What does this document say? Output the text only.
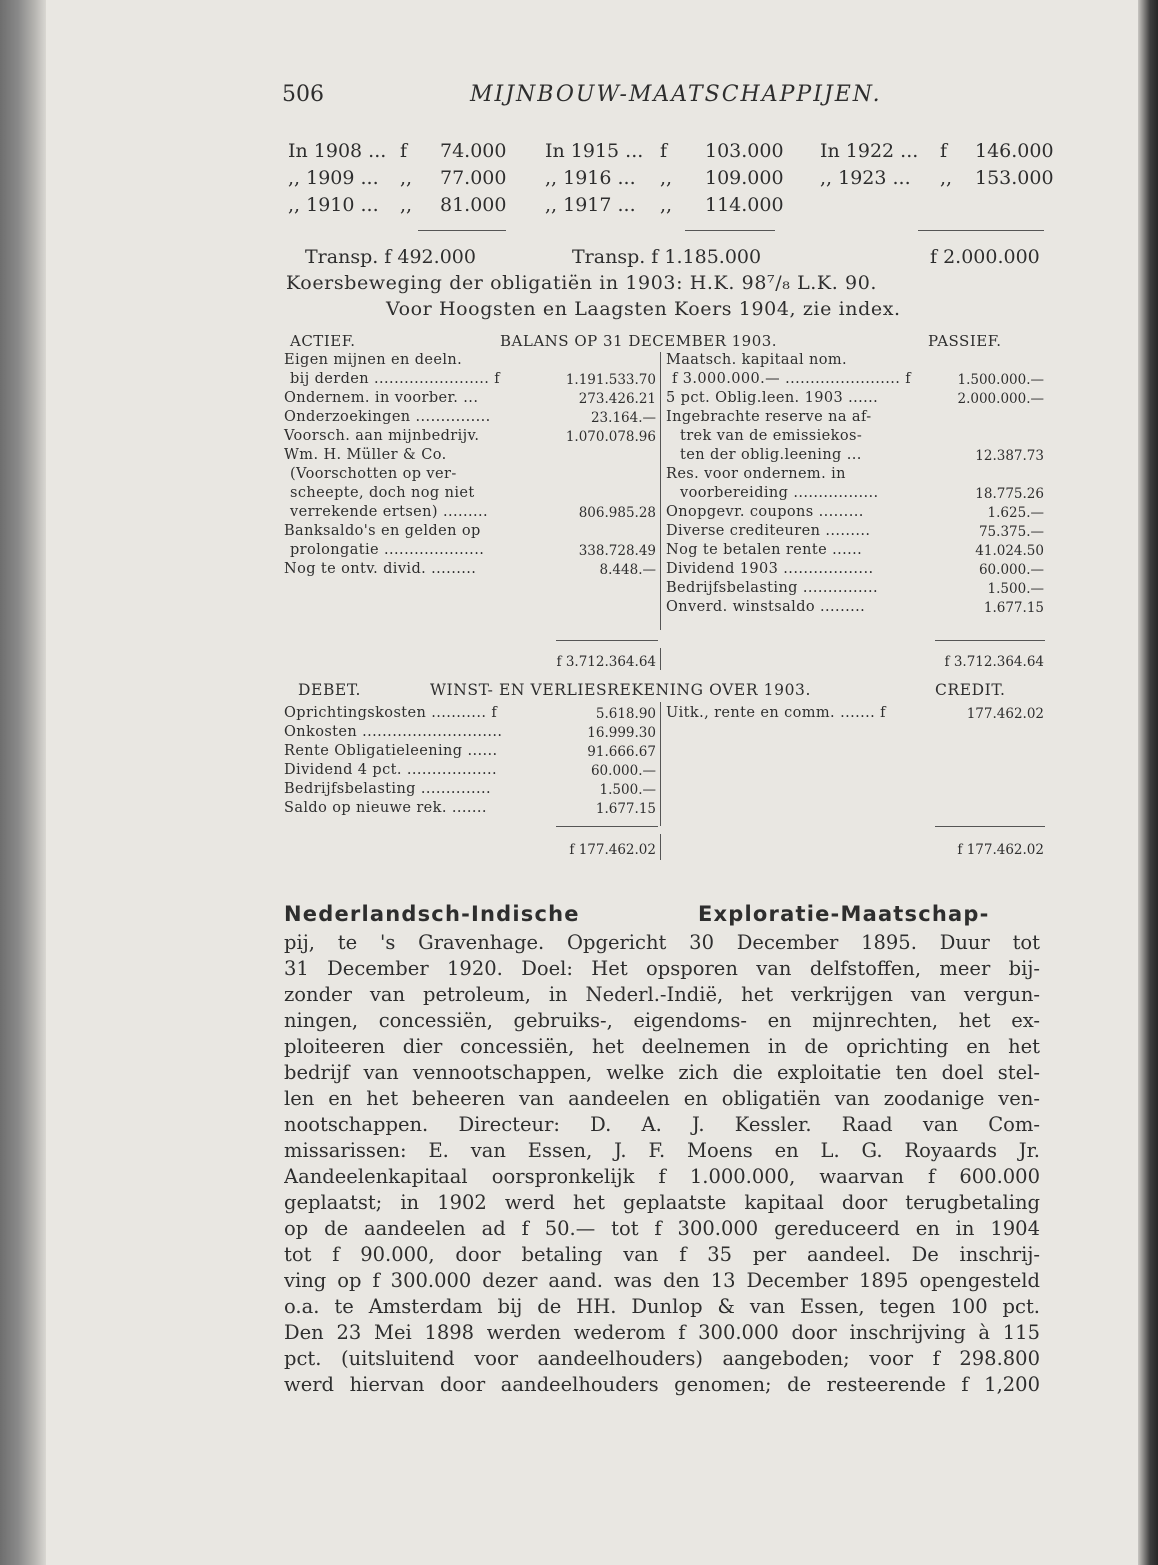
506	MIJNBOUW-MAATSCHAPPIJEN.
In 1908 ... f 74.000
,, 1909 ... ,, 77.000
,, 1910 ... ,, 81.000
In 1915 ... f 103.000
,, 1916 ... ,, 109.000
,, 1917 ... ,, 114.000
In 1922 ... f 146.000
,, 1923 ... ,, 153.000
Transp. f 492.000	Transp. f 1.185.000	f 2.000.000
Koersbeweging der obligatiën in 1903: H.K. 98⁷/₈ L.K. 90.
Voor Hoogsten en Laagsten Koers 1904, zie index.
ACTIEF.	BALANS OP 31 DECEMBER 1903.	PASSIEF.
Eigen mijnen en deeln.
bij derden ....................... f	1.191.533.70
Ondernem. in voorber. ...	273.426.21
Onderzoekingen ...............	23.164.—
Voorsch. aan mijnbedrijv.	1.070.078.96
Wm. H. Müller & Co.
(Voorschotten op ver-
scheepte, doch nog niet
verrekende ertsen) .........	806.985.28
Banksaldo's en gelden op
prolongatie ....................	338.728.49
Nog te ontv. divid. .........	8.448.—
Maatsch. kapitaal nom.
f 3.000.000.— ....................... f	1.500.000.—
5 pct. Oblig.leen. 1903 ......	2.000.000.—
Ingebrachte reserve na af-
trek van de emissiekos-
ten der oblig.leening ...	12.387.73
Res. voor ondernem. in
voorbereiding .................	18.775.26
Onopgevr. coupons .........	1.625.—
Diverse crediteuren .........	75.375.—
Nog te betalen rente ......	41.024.50
Dividend 1903 ..................	60.000.—
Bedrijfsbelasting ...............	1.500.—
Onverd. winstsaldo .........	1.677.15
f 3.712.364.64	f 3.712.364.64
DEBET.	WINST- EN VERLIESREKENING OVER 1903.	CREDIT.
Oprichtingskosten ........... f	5.618.90
Onkosten ............................	16.999.30
Rente Obligatieleening ......	91.666.67
Dividend 4 pct. ..................	60.000.—
Bedrijfsbelasting ..............	1.500.—
Saldo op nieuwe rek. .......	1.677.15
Uitk., rente en comm. ....... f	177.462.02
f 177.462.02	f 177.462.02
Nederlandsch-Indische	Exploratie-Maatschap-
pij, te 's Gravenhage. Opgericht 30 December 1895. Duur tot
31 December 1920. Doel: Het opsporen van delfstoffen, meer bij-
zonder van petroleum, in Nederl.-Indië, het verkrijgen van vergun-
ningen, concessiën, gebruiks-, eigendoms- en mijnrechten, het ex-
ploiteeren dier concessiën, het deelnemen in de oprichting en het
bedrijf van vennootschappen, welke zich die exploitatie ten doel stel-
len en het beheeren van aandeelen en obligatiën van zoodanige ven-
nootschappen. Directeur: D. A. J. Kessler. Raad van Com-
missarissen: E. van Essen, J. F. Moens en L. G. Royaards Jr.
Aandeelenkapitaal oorspronkelijk f 1.000.000, waarvan f 600.000
geplaatst; in 1902 werd het geplaatste kapitaal door terugbetaling
op de aandeelen ad f 50.— tot f 300.000 gereduceerd en in 1904
tot f 90.000, door betaling van f 35 per aandeel. De inschrij-
ving op f 300.000 dezer aand. was den 13 December 1895 opengesteld
o.a. te Amsterdam bij de HH. Dunlop & van Essen, tegen 100 pct.
Den 23 Mei 1898 werden wederom f 300.000 door inschrijving à 115
pct. (uitsluitend voor aandeelhouders) aangeboden; voor f 298.800
werd hiervan door aandeelhouders genomen; de resteerende f 1,200
